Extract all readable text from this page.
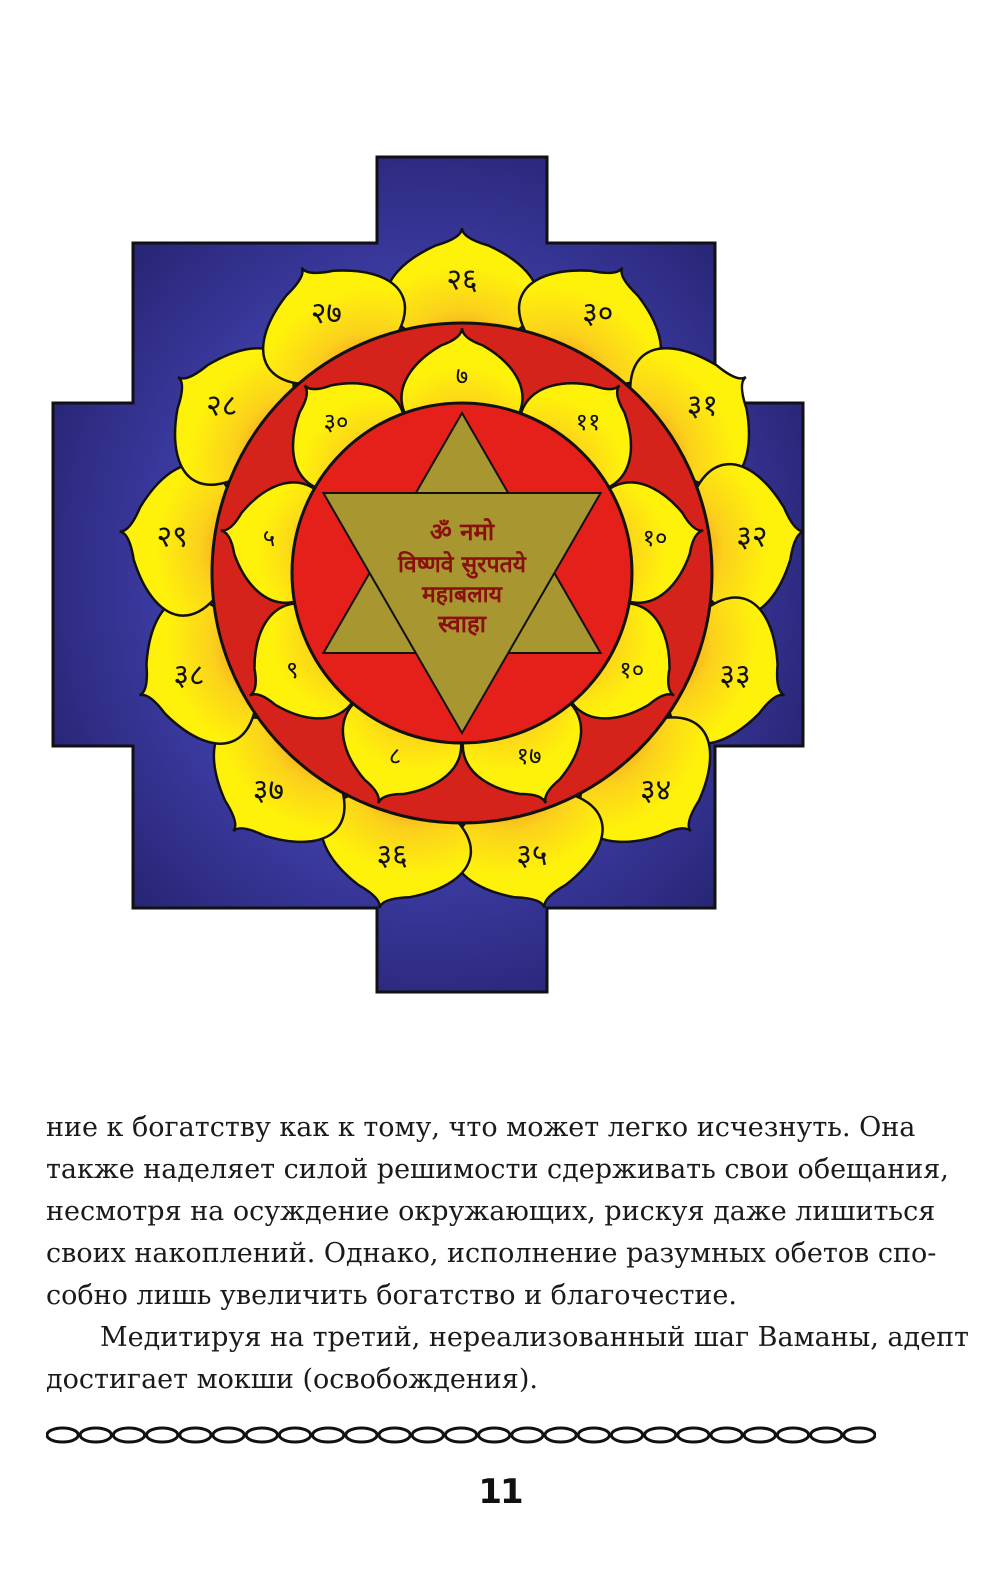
२६
३०
३१
३२
३३
३४
३५
३६
३७
३८
२९
२८
२७
७
११
१०
१०
१७
८
९
५
३०
ॐ नमो
विष्णवे सुरपतये
महाबलाय
स्वाहा
ние к богатству как к тому, что может легко исчезнуть. Она
также наделяет силой решимости сдерживать свои обещания,
несмотря на осуждение окружающих, рискуя даже лишиться
своих накоплений. Однако, исполнение разумных обетов спо-
собно лишь увеличить богатство и благочестие.
Медитируя на третий, нереализованный шаг Ваманы, адепт
достигает мокши (освобождения).
11
